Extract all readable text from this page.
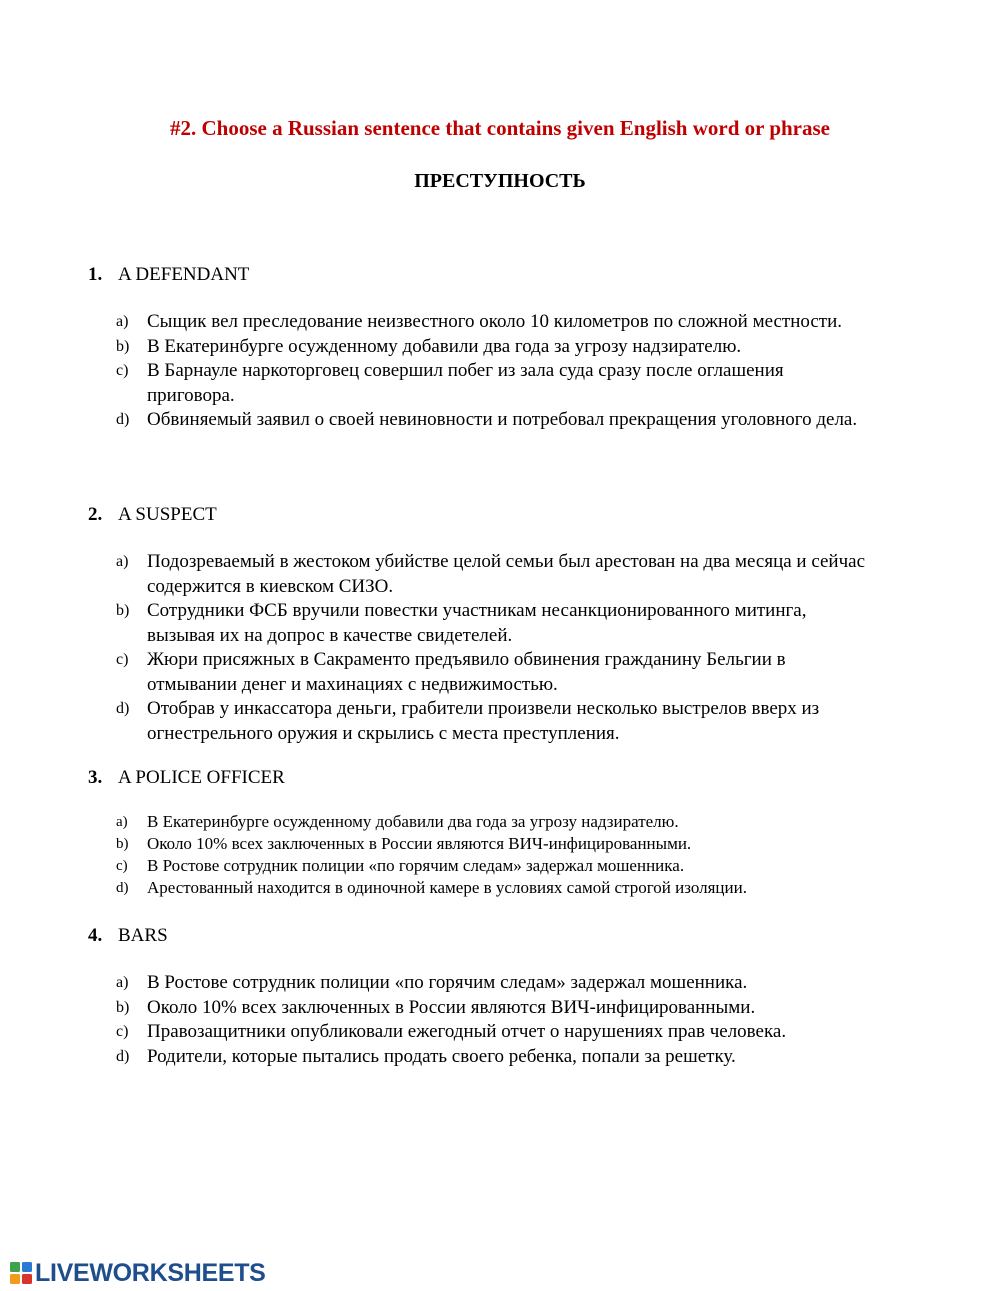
#2. Choose a Russian sentence that contains given English word or phrase
ПРЕСТУПНОСТЬ
1. A DEFENDANT
a) Сыщик вел преследование неизвестного около 10 километров по сложной местности.
b) В Екатеринбурге осужденному добавили два года за угрозу надзирателю.
c) В Барнауле наркоторговец совершил побег из зала суда сразу после оглашения приговора.
d) Обвиняемый заявил о своей невиновности и потребовал прекращения уголовного дела.
2. A SUSPECT
a) Подозреваемый в жестоком убийстве целой семьи был арестован на два месяца и сейчас содержится в киевском СИЗО.
b) Сотрудники ФСБ вручили повестки участникам несанкционированного митинга, вызывая их на допрос в качестве свидетелей.
c) Жюри присяжных в Сакраменто предъявило обвинения гражданину Бельгии в отмывании денег и махинациях с недвижимостью.
d) Отобрав у инкассатора деньги, грабители произвели несколько выстрелов вверх из огнестрельного оружия и скрылись с места преступления.
3. A POLICE OFFICER
a) В Екатеринбурге осужденному добавили два года за угрозу надзирателю.
b) Около 10% всех заключенных в России являются ВИЧ-инфицированными.
c) В Ростове сотрудник полиции «по горячим следам» задержал мошенника.
d) Арестованный находится в одиночной камере в условиях самой строгой изоляции.
4. BARS
a) В Ростове сотрудник полиции «по горячим следам» задержал мошенника.
b) Около 10% всех заключенных в России являются ВИЧ-инфицированными.
c) Правозащитники опубликовали ежегодный отчет о нарушениях прав человека.
d) Родители, которые пытались продать своего ребенка, попали за решетку.
LIVEWORKSHEETS
